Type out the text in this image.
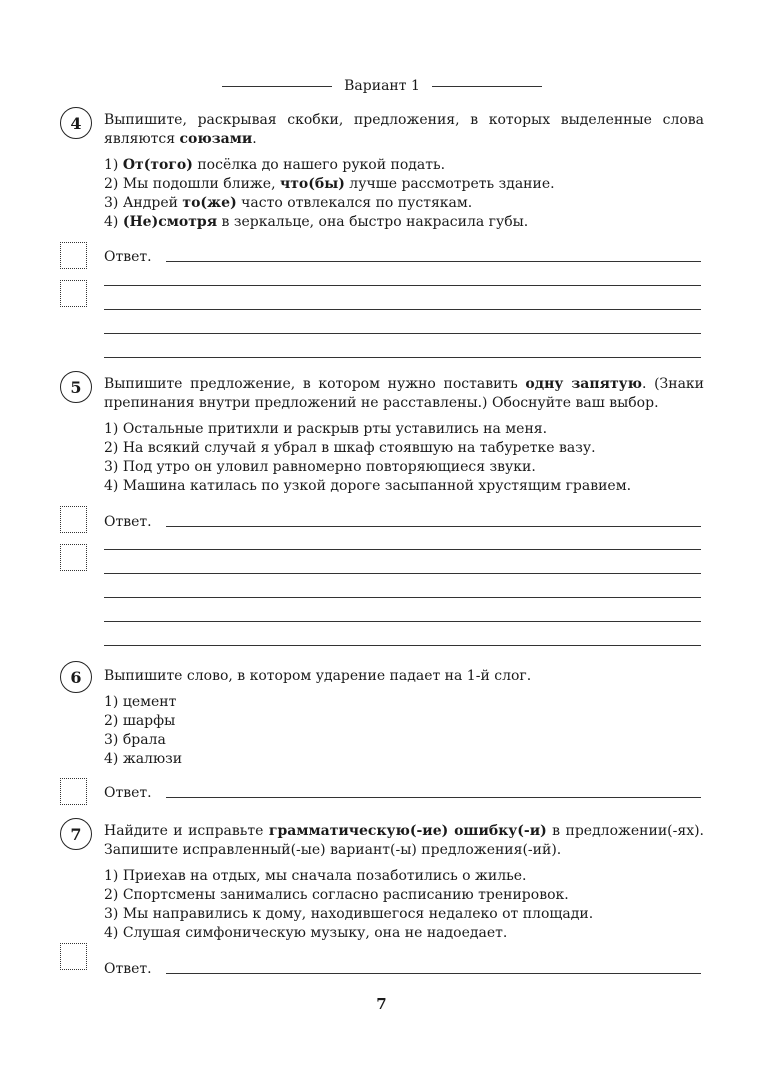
Вариант 1
4	Выпишите, раскрывая скобки, предложения, в которых выделенные слова являются союзами.

1) От(того) посёлка до нашего рукой подать.

2) Мы подошли ближе, что(бы) лучше рассмотреть здание.

3) Андрей то(же) часто отвлекался по пустякам.

4) (Не)смотря в зеркальце, она быстро накрасила губы.

Ответ.
5	Выпишите предложение, в котором нужно поставить одну запятую. (Знаки препинания внутри предложений не расставлены.) Обоснуйте ваш выбор.

1) Остальные притихли и раскрыв рты уставились на меня.

2) На всякий случай я убрал в шкаф стоявшую на табуретке вазу.

3) Под утро он уловил равномерно повторяющиеся звуки.

4) Машина катилась по узкой дороге засыпанной хрустящим гравием.

Ответ.
6	Выпишите слово, в котором ударение падает на 1-й слог.

1) цемент

2) шарфы

3) брала

4) жалюзи

Ответ.
7	Найдите и исправьте грамматическую(-ие) ошибку(-и) в предложении(-ях). Запишите исправленный(-ые) вариант(-ы) предложения(-ий).

1) Приехав на отдых, мы сначала позаботились о жилье.

2) Спортсмены занимались согласно расписанию тренировок.

3) Мы направились к дому, находившегося недалеко от площади.

4) Слушая симфоническую музыку, она не надоедает.

Ответ.
7
